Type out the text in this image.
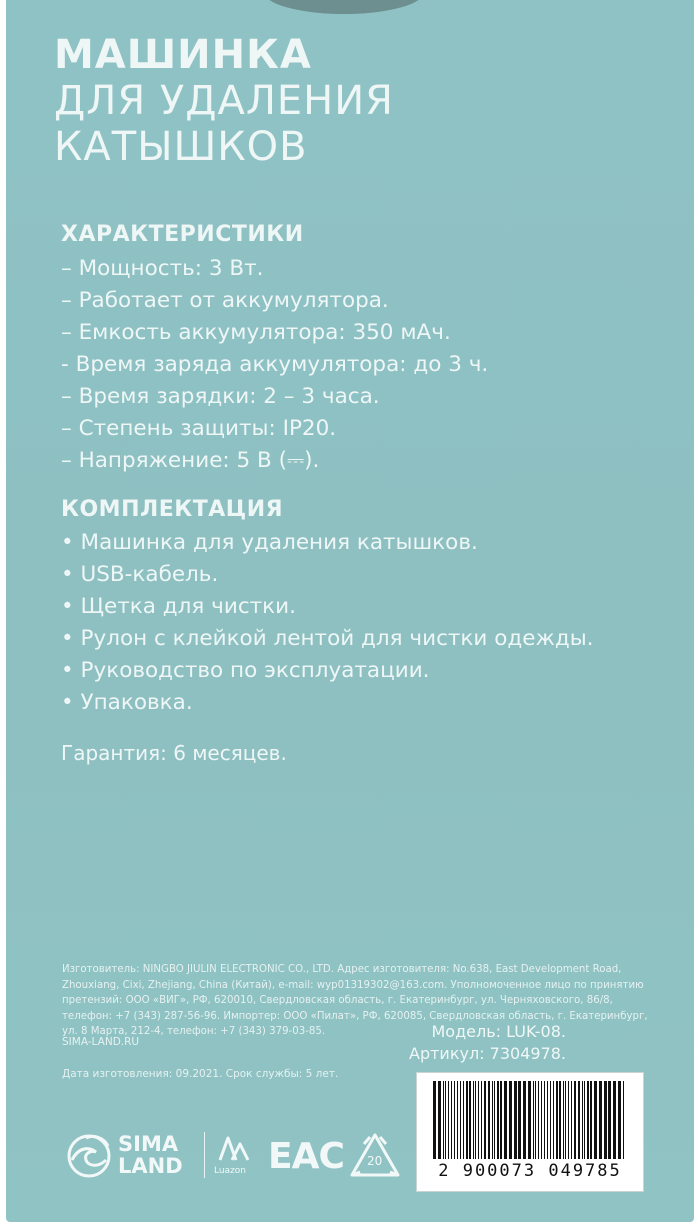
МАШИНКА
ДЛЯ УДАЛЕНИЯ
КАТЫШКОВ
ХАРАКТЕРИСТИКИ
– Мощность: 3 Вт.
– Работает от аккумулятора.
– Емкость аккумулятора: 350 мАч.
- Время заряда аккумулятора: до 3 ч.
– Время зарядки: 2 – 3 часа.
– Степень защиты: IP20.
– Напряжение: 5 В (⎓).
КОМПЛЕКТАЦИЯ
• Машинка для удаления катышков.
• USB-кабель.
• Щетка для чистки.
• Рулон с клейкой лентой для чистки одежды.
• Руководство по эксплуатации.
• Упаковка.
Гарантия: 6 месяцев.
Изготовитель: NINGBO JIULIN ELECTRONIC CO., LTD. Адрес изготовителя: No.638, East Development Road, Zhouxiang, Cixi, Zhejiang, China (Китай), e-mail: wyp01319302@163.com. Уполномоченное лицо по принятию претензий: ООО «ВИГ», РФ, 620010, Свердловская область, г. Екатеринбург, ул. Черняховского, 86/8, телефон: +7 (343) 287-56-96. Импортер: ООО «Пилат», РФ, 620085, Свердловская область, г. Екатеринбург, ул. 8 Марта, 212-4, телефон: +7 (343) 379-03-85.	Модель: LUK-08.
Артикул: 7304978.
SIMA-LAND.RU
Дата изготовления: 09.2021. Срок службы: 5 лет.
SIMA
LAND	Luazon EAC 20	2 900073 049785
